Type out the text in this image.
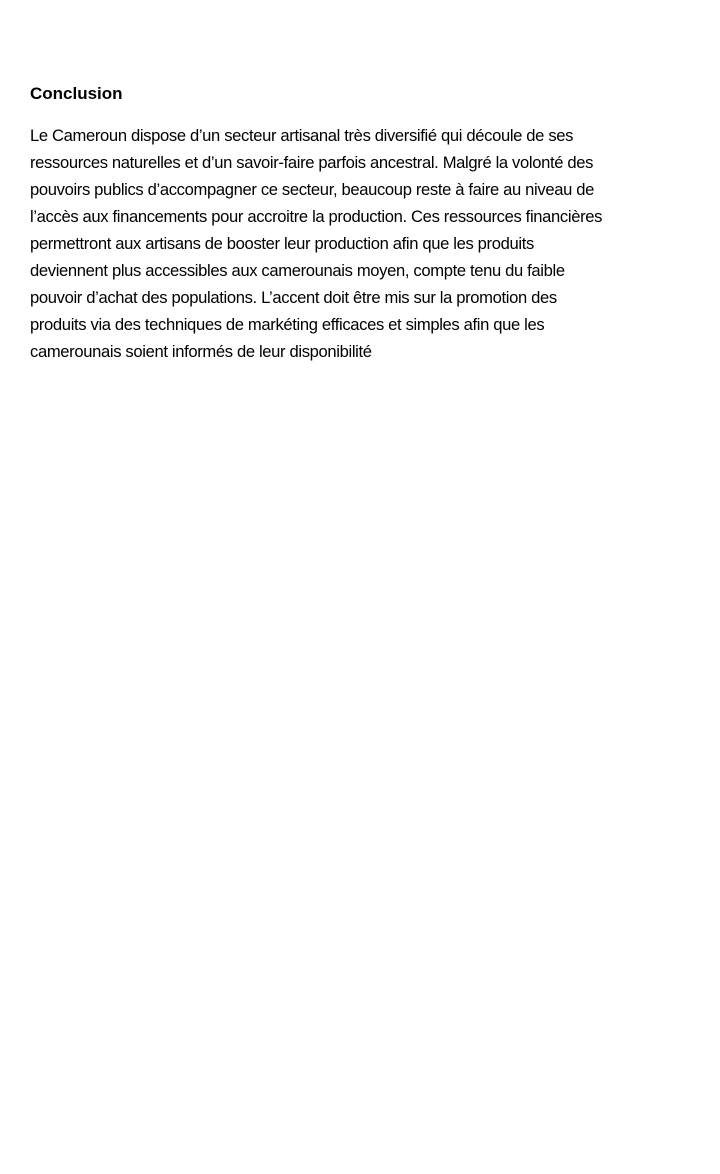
Conclusion
Le Cameroun dispose d’un secteur artisanal très diversifié qui découle de ses
ressources naturelles et d’un savoir-faire parfois ancestral. Malgré la volonté des
pouvoirs publics d’accompagner ce secteur, beaucoup reste à faire au niveau de
l’accès aux financements pour accroitre la production. Ces ressources financières
permettront aux artisans de booster leur production afin que les produits
deviennent plus accessibles aux camerounais moyen, compte tenu du faible
pouvoir d’achat des populations. L’accent doit être mis sur la promotion des
produits via des techniques de markéting efficaces et simples afin que les
camerounais soient informés de leur disponibilité
